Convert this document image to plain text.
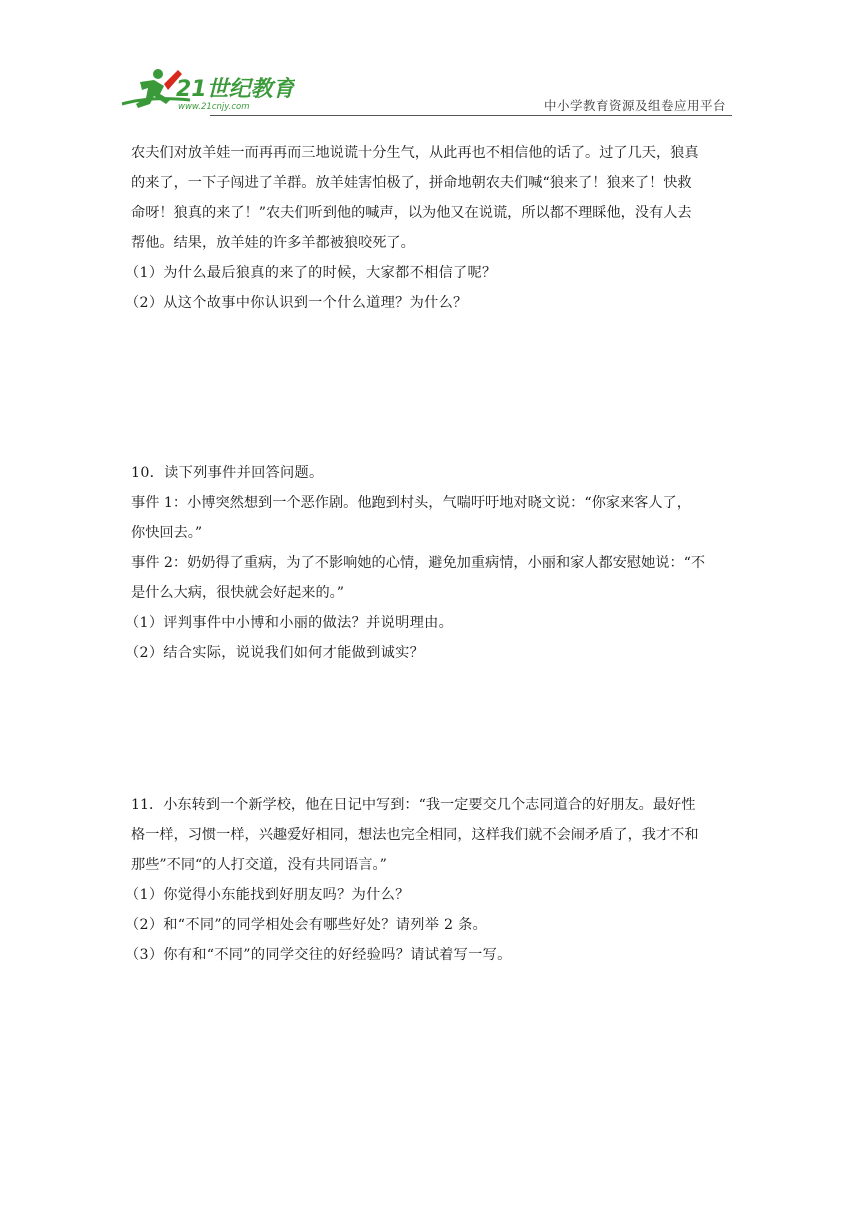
21世纪教育
www.21cnjy.com	中小学教育资源及组卷应用平台

农夫们对放羊娃一而再再而三地说谎十分生气，从此再也不相信他的话了。过了几天，狼真

的来了，一下子闯进了羊群。放羊娃害怕极了，拼命地朝农夫们喊“狼来了！狼来了！快救

命呀！狼真的来了！”农夫们听到他的喊声，以为他又在说谎，所以都不理睬他，没有人去

帮他。结果，放羊娃的许多羊都被狼咬死了。

（1）为什么最后狼真的来了的时候，大家都不相信了呢？

（2）从这个故事中你认识到一个什么道理？为什么？

10．读下列事件并回答问题。

事件 1：小博突然想到一个恶作剧。他跑到村头，气喘吁吁地对晓文说：“你家来客人了，

你快回去。”

事件 2：奶奶得了重病，为了不影响她的心情，避免加重病情，小丽和家人都安慰她说：“不

是什么大病，很快就会好起来的。”

（1）评判事件中小博和小丽的做法？并说明理由。

（2）结合实际，说说我们如何才能做到诚实？

11．小东转到一个新学校，他在日记中写到：“我一定要交几个志同道合的好朋友。最好性

格一样，习惯一样，兴趣爱好相同，想法也完全相同，这样我们就不会闹矛盾了，我才不和

那些”不同“的人打交道，没有共同语言。”

（1）你觉得小东能找到好朋友吗？为什么？

（2）和“不同”的同学相处会有哪些好处？请列举 2 条。

（3）你有和“不同”的同学交往的好经验吗？请试着写一写。
